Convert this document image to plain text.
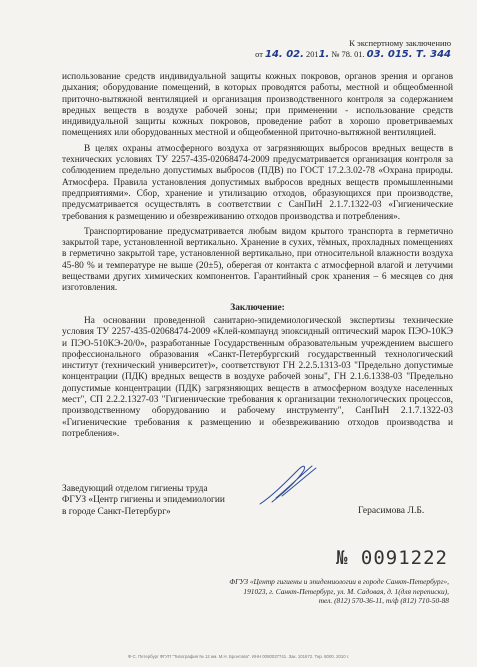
К экспертному заключению
от 14. 02. 2011. № 78. 01. 03. 015. Т. 344

использование средств индивидуальной защиты кожных покровов, органов зрения и органов дыхания; оборудование помещений, в которых проводятся работы, местной и общеобменной приточно-вытяжной вентиляцией и организация производственного контроля за содержанием вредных веществ в воздухе рабочей зоны; при применении - использование средств индивидуальной защиты кожных покровов, проведение работ в хорошо проветриваемых помещениях или оборудованных местной и общеобменной приточно-вытяжной вентиляцией.

В целях охраны атмосферного воздуха от загрязняющих выбросов вредных веществ в технических условиях ТУ 2257-435-02068474-2009 предусматривается организация контроля за соблюдением предельно допустимых выбросов (ПДВ) по ГОСТ 17.2.3.02-78 «Охрана природы. Атмосфера. Правила установления допустимых выбросов вредных веществ промышленными предприятиями». Сбор, хранение и утилизацию отходов, образующихся при производстве, предусматривается осуществлять в соответствии с СанПиН 2.1.7.1322-03 «Гигиенические требования к размещению и обезвреживанию отходов производства и потребления».

Транспортирование предусматривается любым видом крытого транспорта в герметично закрытой таре, установленной вертикально. Хранение в сухих, тёмных, прохладных помещениях в герметично закрытой таре, установленной вертикально, при относительной влажности воздуха 45-80 % и температуре не выше (20±5), оберегая от контакта с атмосферной влагой и летучими веществами других химических компонентов. Гарантийный срок хранения – 6 месяцев со дня изготовления.

Заключение:

На основании проведенной санитарно-эпидемиологической экспертизы технические условия ТУ 2257-435-02068474-2009 «Клей-компаунд эпоксидный оптический марок ПЭО-10КЭ и ПЭО-510КЭ-20/0», разработанные Государственным образовательным учреждением высшего профессионального образования «Санкт-Петербургский государственный технологический институт (технический университет)», соответствуют ГН 2.2.5.1313-03 "Предельно допустимые концентрации (ПДК) вредных веществ в воздухе рабочей зоны", ГН 2.1.6.1338-03 "Предельно допустимые концентрации (ПДК) загрязняющих веществ в атмосферном воздухе населенных мест", СП 2.2.2.1327-03 "Гигиенические требования к организации технологических процессов, производственному оборудованию и рабочему инструменту", СанПиН 2.1.7.1322-03 «Гигиенические требования к размещению и обезвреживанию отходов производства и потребления».

Заведующий отделом гигиены труда
ФГУЗ «Центр гигиены и эпидемиологии
в городе Санкт-Петербург»	Герасимова Л.Б.
№ 0091222
ФГУЗ «Центр гигиены и эпидемиологии в городе Санкт-Петербург»,
191023, г. Санкт-Петербург, ул. М. Садовая, д. 1(для переписки),
тел. (812) 570-36-11, т/ф (812) 710-50-88
Ф-С. Петербург ФГУП "Типография № 12 им. М.Н. Бронтова". ИНН 0080037741. Зак. 101672. Тир. 8000. 2010 г.
